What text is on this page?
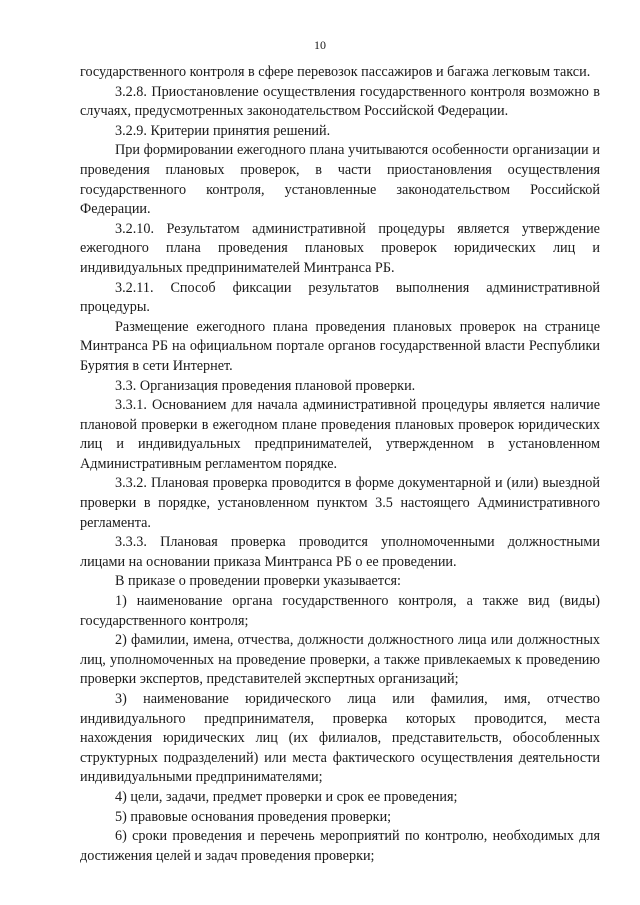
10

государственного контроля в сфере перевозок пассажиров и багажа легковым такси.

3.2.8. Приостановление осуществления государственного контроля возможно в случаях, предусмотренных законодательством Российской Федерации.

3.2.9. Критерии принятия решений.

При формировании ежегодного плана учитываются особенности организации и проведения плановых проверок, в части приостановления осуществления государственного контроля, установленные законодательством Российской Федерации.

3.2.10. Результатом административной процедуры является утверждение ежегодного плана проведения плановых проверок юридических лиц и индивидуальных предпринимателей Минтранса РБ.

3.2.11. Способ фиксации результатов выполнения административной процедуры.

Размещение ежегодного плана проведения плановых проверок на странице Минтранса РБ на официальном портале органов государственной власти Республики Бурятия в сети Интернет.

3.3. Организация проведения плановой проверки.

3.3.1. Основанием для начала административной процедуры является наличие плановой проверки в ежегодном плане проведения плановых проверок юридических лиц и индивидуальных предпринимателей, утвержденном в установленном Административным регламентом порядке.

3.3.2. Плановая проверка проводится в форме документарной и (или) выездной проверки в порядке, установленном пунктом 3.5 настоящего Административного регламента.

3.3.3. Плановая проверка проводится уполномоченными должностными лицами на основании приказа Минтранса РБ о ее проведении.

В приказе о проведении проверки указывается:

1) наименование органа государственного контроля, а также вид (виды) государственного контроля;

2) фамилии, имена, отчества, должности должностного лица или должностных лиц, уполномоченных на проведение проверки, а также привлекаемых к проведению проверки экспертов, представителей экспертных организаций;

3) наименование юридического лица или фамилия, имя, отчество индивидуального предпринимателя, проверка которых проводится, места нахождения юридических лиц (их филиалов, представительств, обособленных структурных подразделений) или места фактического осуществления деятельности индивидуальными предпринимателями;

4) цели, задачи, предмет проверки и срок ее проведения;

5) правовые основания проведения проверки;

6) сроки проведения и перечень мероприятий по контролю, необходимых для достижения целей и задач проведения проверки;
